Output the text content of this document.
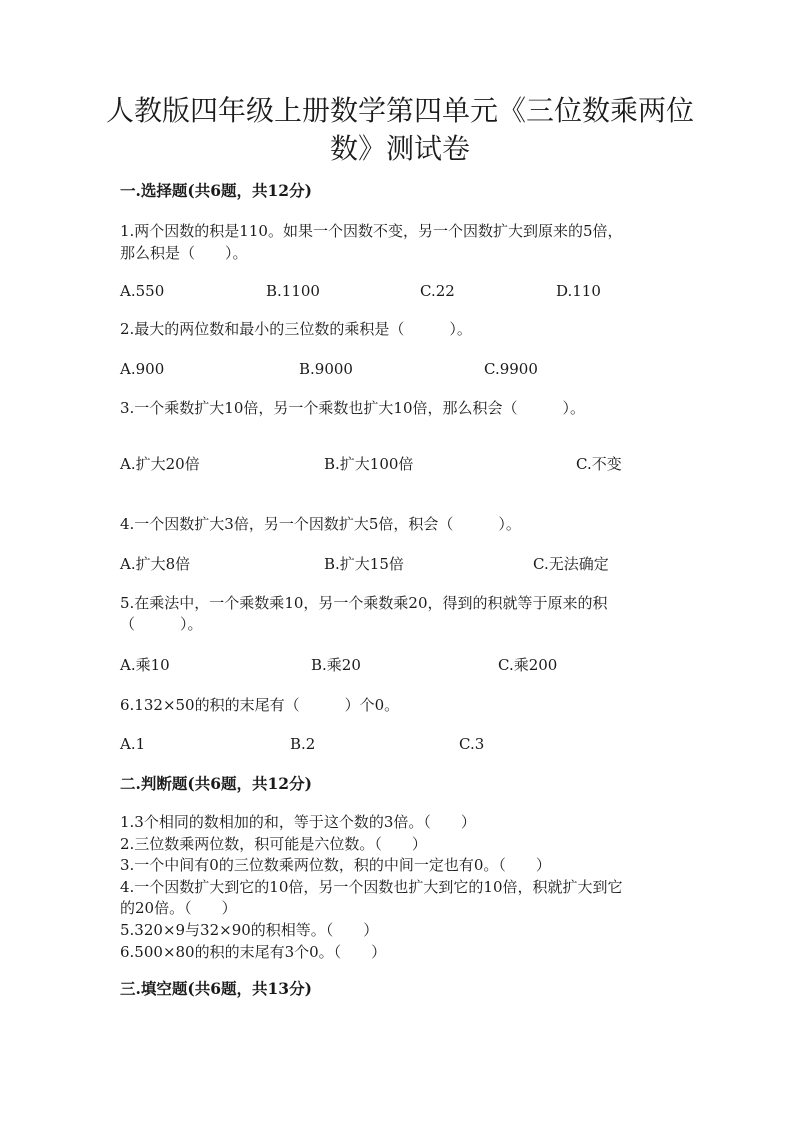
人教版四年级上册数学第四单元《三位数乘两位
数》测试卷
一.选择题(共6题，共12分)
1.两个因数的积是110。如果一个因数不变，另一个因数扩大到原来的5倍，
那么积是（　　）。
A.550	B.1100	C.22	D.110
2.最大的两位数和最小的三位数的乘积是（　　　）。
A.900	B.9000	C.9900
3.一个乘数扩大10倍，另一个乘数也扩大10倍，那么积会（　　　）。
A.扩大20倍	B.扩大100倍	C.不变
4.一个因数扩大3倍，另一个因数扩大5倍，积会（　　　）。
A.扩大8倍	B.扩大15倍	C.无法确定
5.在乘法中，一个乘数乘10，另一个乘数乘20，得到的积就等于原来的积
（　　　）。
A.乘10	B.乘20	C.乘200
6.132×50的积的末尾有（　　　）个0。
A.1	B.2	C.3
二.判断题(共6题，共12分)
1.3个相同的数相加的和，等于这个数的3倍。（　　）
2.三位数乘两位数，积可能是六位数。（　　）
3.一个中间有0的三位数乘两位数，积的中间一定也有0。（　　）
4.一个因数扩大到它的10倍，另一个因数也扩大到它的10倍，积就扩大到它
的20倍。（　　）
5.320×9与32×90的积相等。（　　）
6.500×80的积的末尾有3个0。（　　）
三.填空题(共6题，共13分)
